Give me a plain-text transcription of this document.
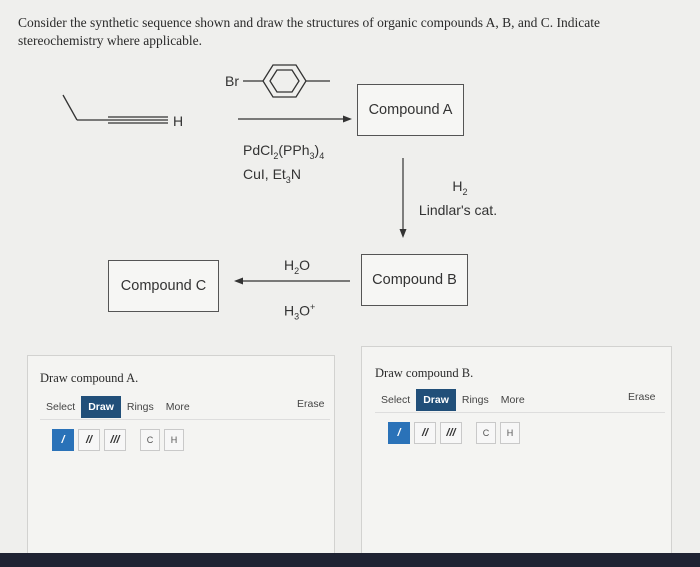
Consider the synthetic sequence shown and draw the structures of organic compounds A, B, and C. Indicate stereochemistry where applicable.
H
Br
$PdCl_2(PPh_3)_4$
CuI, $Et_3N$
Compound A
$H_2$
Lindlar's cat.
Compound B
$H_2O$
$H_3O^+$
Compound C
Draw compound A.
Select	Draw	Rings	More	Erase
/	//	///	C	H
Draw compound B.
Select	Draw	Rings	More	Erase
/	//	///	C	H
